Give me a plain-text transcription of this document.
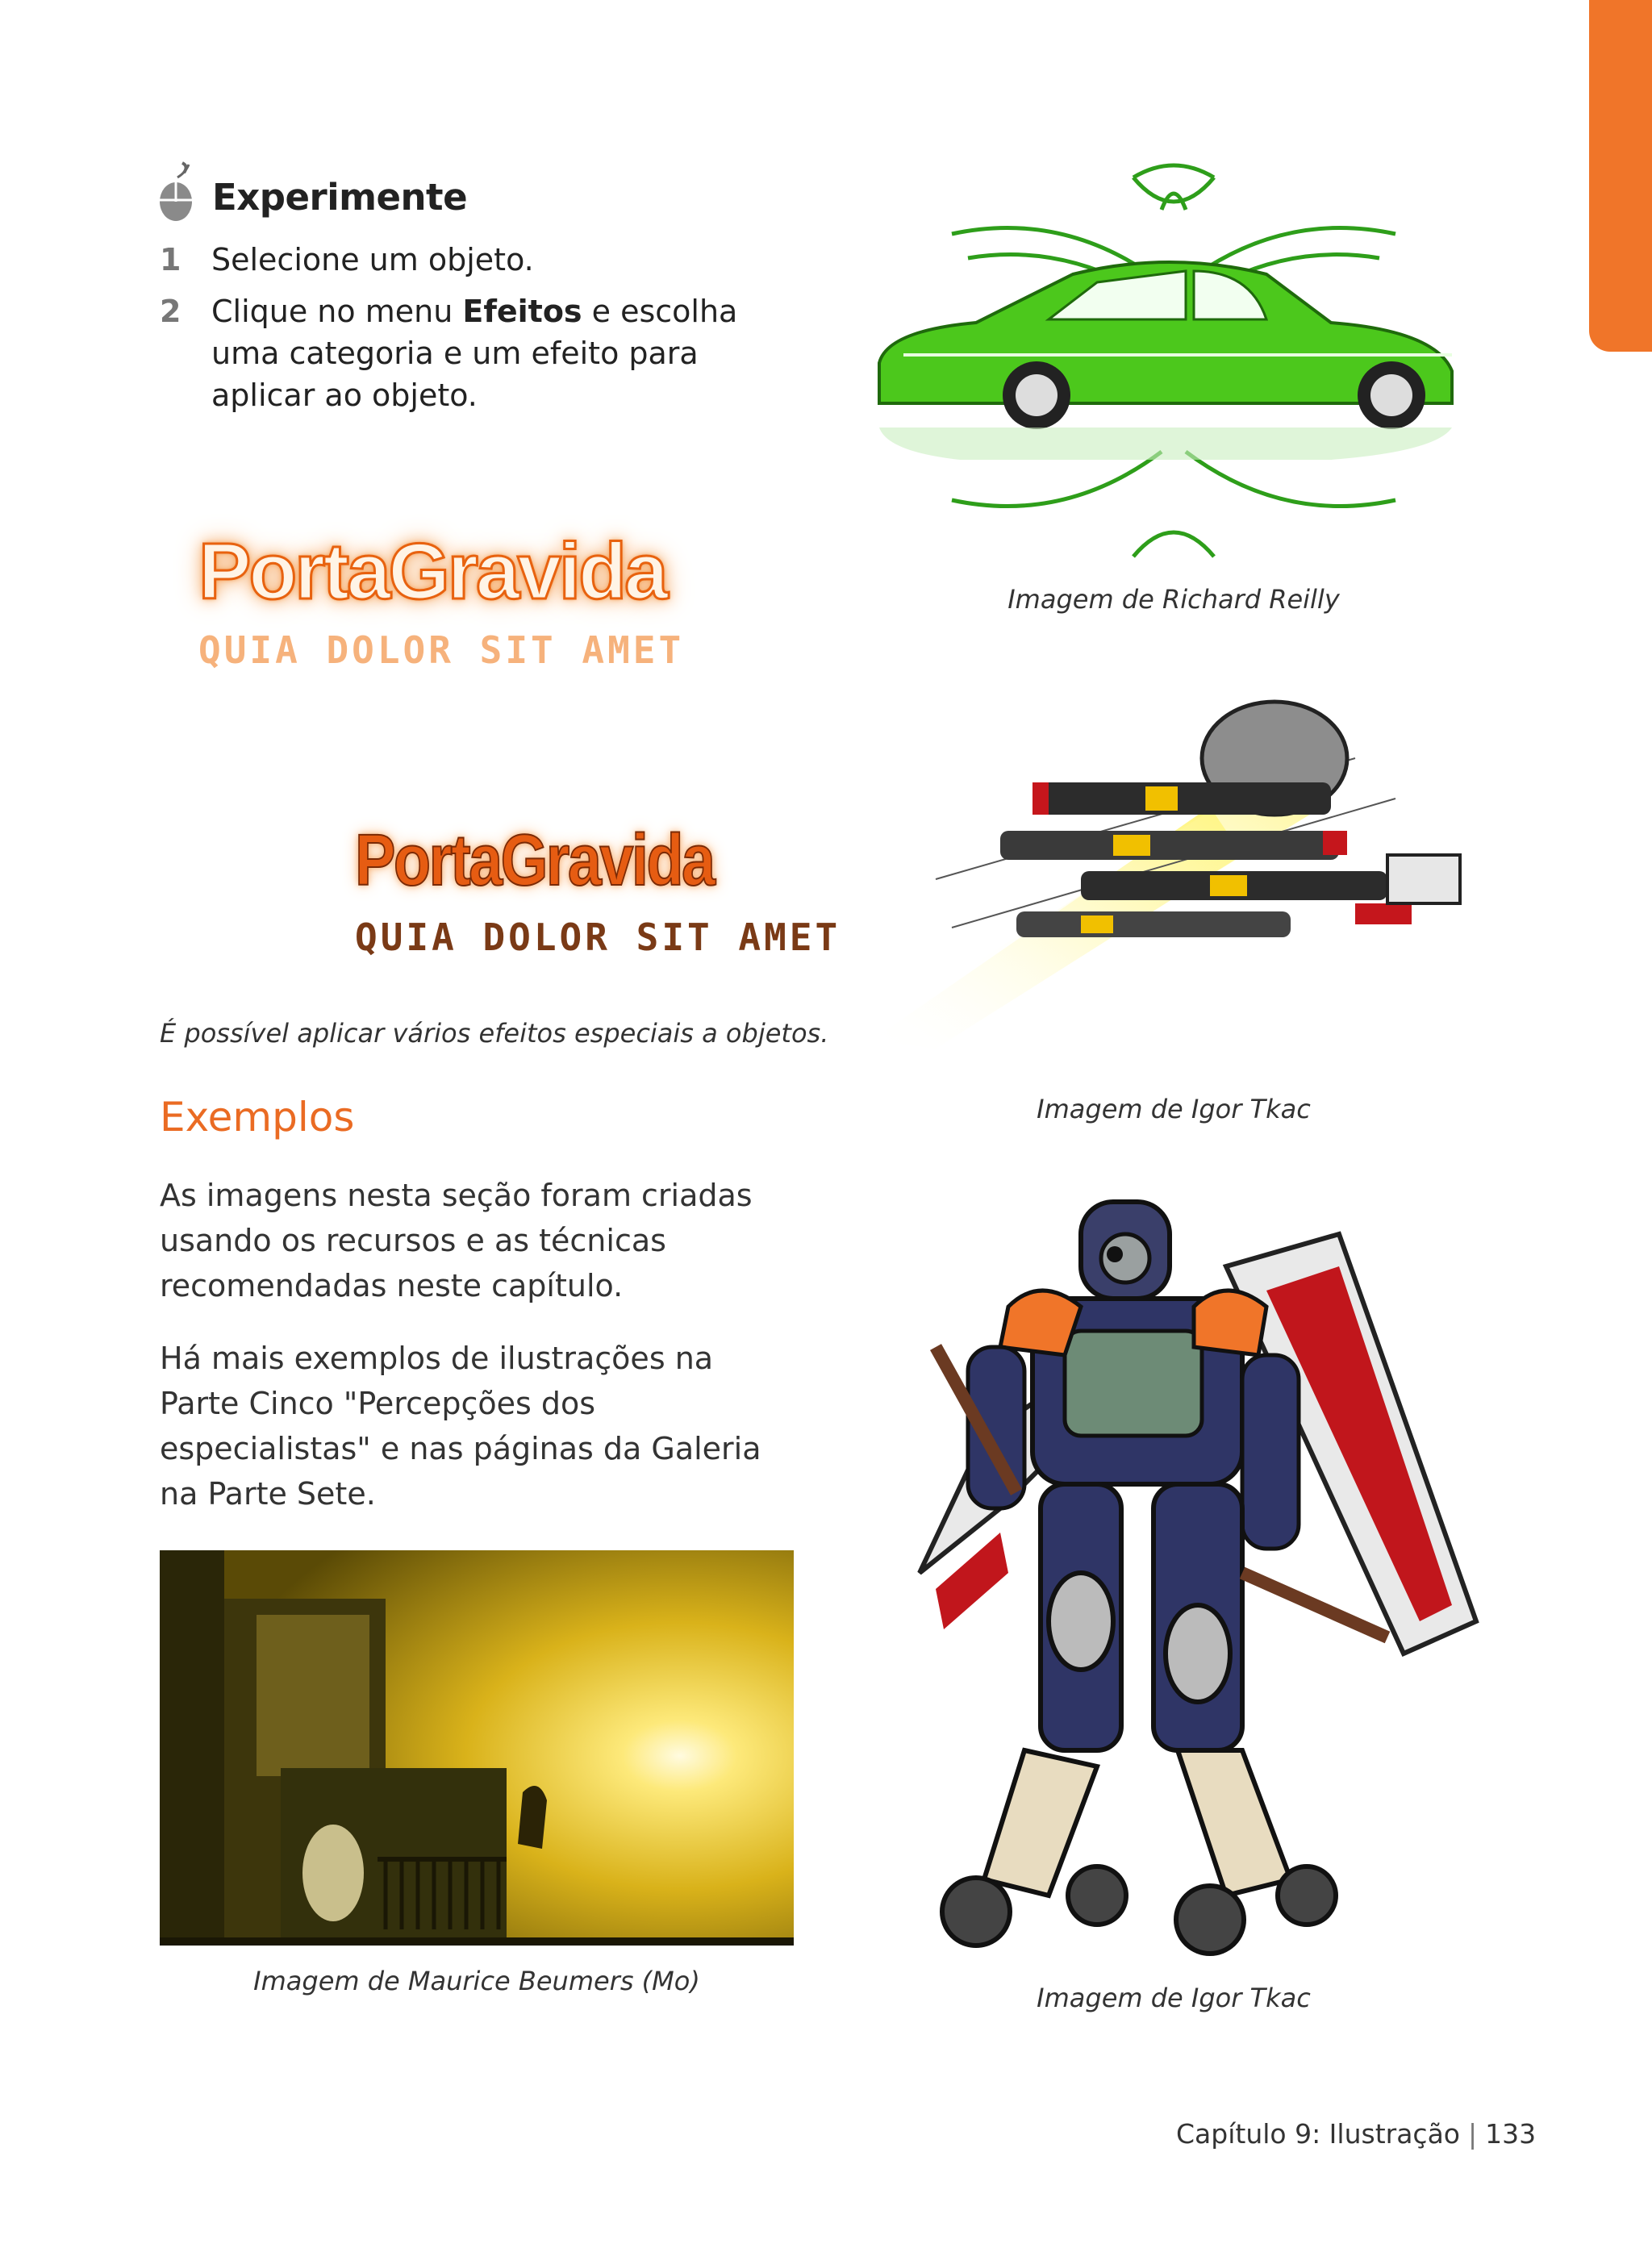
Experimente
1 Selecione um objeto.
2 Clique no menu Efeitos e escolha uma categoria e um efeito para aplicar ao objeto.
PortaGravida
QUIA DOLOR SIT AMET
PortaGravida
QUIA DOLOR SIT AMET
É possível aplicar vários efeitos especiais a objetos.
Exemplos
As imagens nesta seção foram criadas usando os recursos e as técnicas recomendadas neste capítulo.
Há mais exemplos de ilustrações na Parte Cinco "Percepções dos especialistas" e nas páginas da Galeria na Parte Sete.
Imagem de Maurice Beumers (Mo)
Imagem de Richard Reilly
Imagem de Igor Tkac
Imagem de Igor Tkac
Capítulo 9: Ilustração | 133
